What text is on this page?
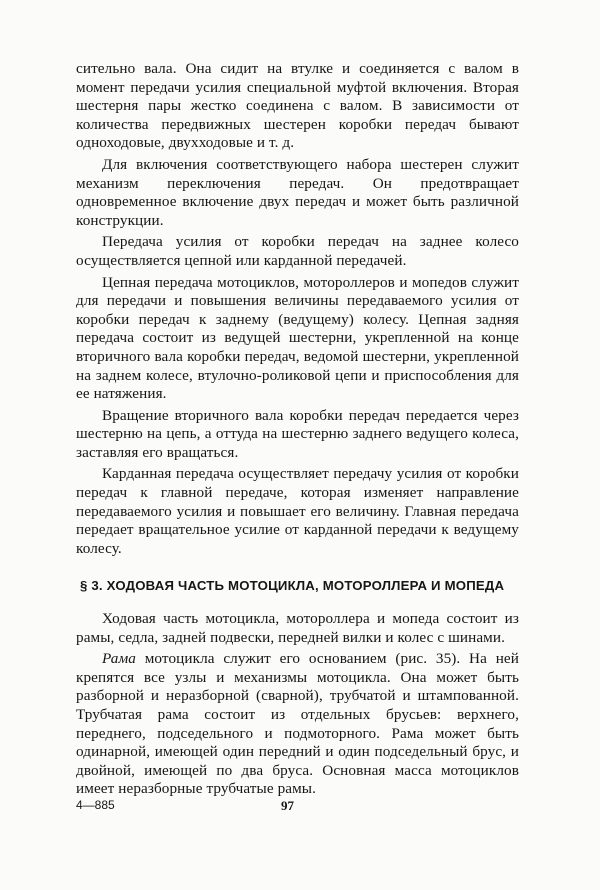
сительно вала. Она сидит на втулке и соединяется с валом в момент передачи усилия специальной муфтой включения. Вторая шестерня пары жестко соединена с валом. В зависимости от количества передвижных шестерен коробки передач бывают одноходовые, двухходовые и т. д.

Для включения соответствующего набора шестерен служит механизм переключения передач. Он предотвращает одновременное включение двух передач и может быть различной конструкции.

Передача усилия от коробки передач на заднее колесо осуществляется цепной или карданной передачей.

Цепная передача мотоциклов, мотороллеров и мопедов служит для передачи и повышения величины передаваемого усилия от коробки передач к заднему (ведущему) колесу. Цепная задняя передача состоит из ведущей шестерни, укрепленной на конце вторичного вала коробки передач, ведомой шестерни, укрепленной на заднем колесе, втулочно-роликовой цепи и приспособления для ее натяжения.

Вращение вторичного вала коробки передач передается через шестерню на цепь, а оттуда на шестерню заднего ведущего колеса, заставляя его вращаться.

Карданная передача осуществляет передачу усилия от коробки передач к главной передаче, которая изменяет направление передаваемого усилия и повышает его величину. Главная передача передает вращательное усилие от карданной передачи к ведущему колесу.

§ 3. ХОДОВАЯ ЧАСТЬ МОТОЦИКЛА, МОТОРОЛЛЕРА И МОПЕДА

Ходовая часть мотоцикла, мотороллера и мопеда состоит из рамы, седла, задней подвески, передней вилки и колес с шинами.

Рама мотоцикла служит его основанием (рис. 35). На ней крепятся все узлы и механизмы мотоцикла. Она может быть разборной и неразборной (сварной), трубчатой и штампованной. Трубчатая рама состоит из отдельных брусьев: верхнего, переднего, подседельного и подмоторного. Рама может быть одинарной, имеющей один передний и один подседельный брус, и двойной, имеющей по два бруса. Основная масса мотоциклов имеет неразборные трубчатые рамы.

4—885	97
